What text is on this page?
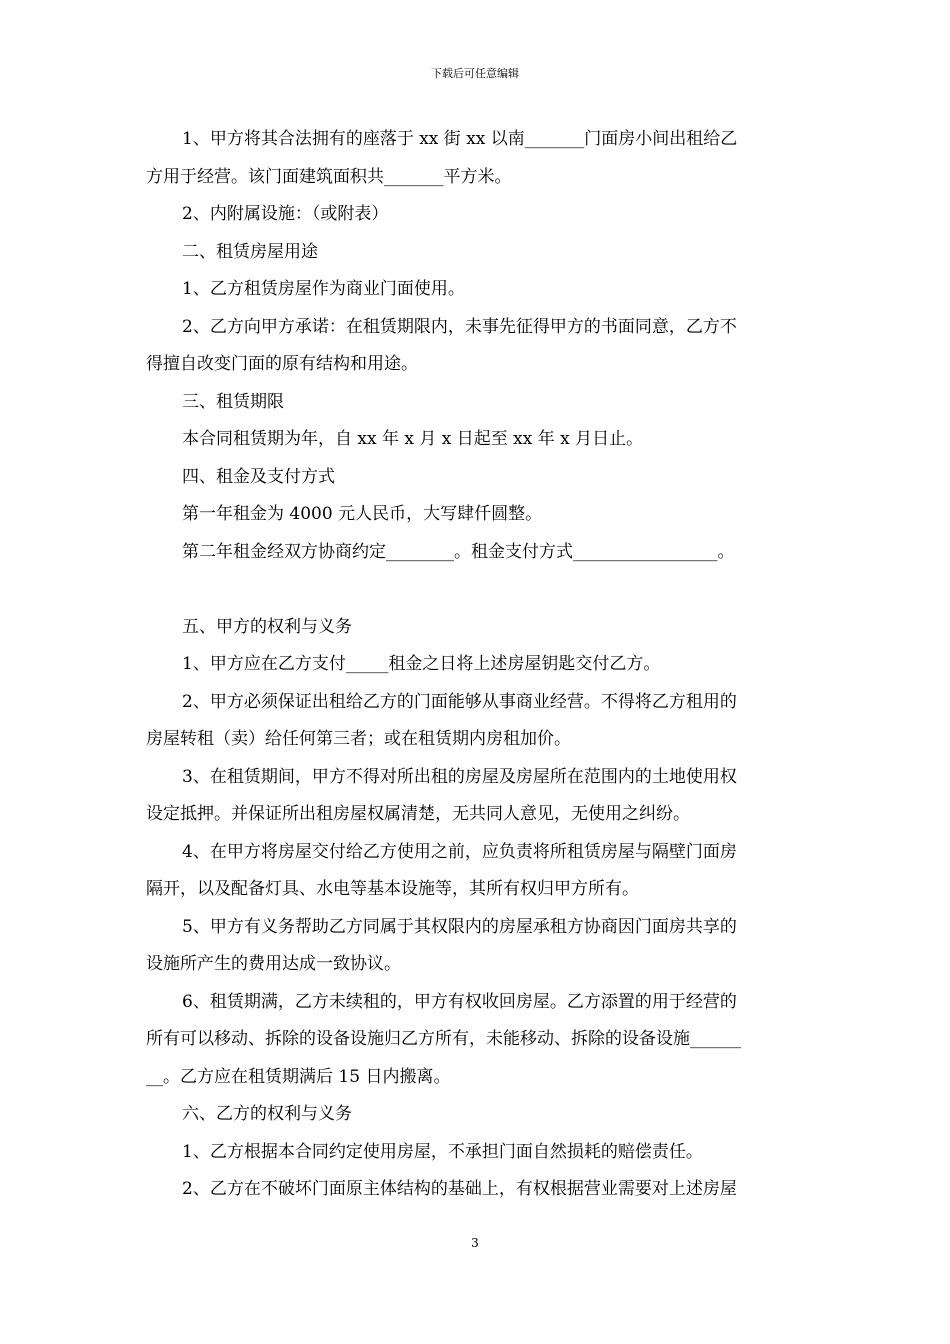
下载后可任意编辑
1、甲方将其合法拥有的座落于 xx 街 xx 以南_______门面房小间出租给乙
方用于经营。该门面建筑面积共_______平方米。
2、内附属设施：（或附表）
二、租赁房屋用途
1、乙方租赁房屋作为商业门面使用。
2、乙方向甲方承诺：在租赁期限内，未事先征得甲方的书面同意，乙方不
得擅自改变门面的原有结构和用途。
三、租赁期限
本合同租赁期为年，自 xx 年 x 月 x 日起至 xx 年 x 月日止。
四、租金及支付方式
第一年租金为 4000 元人民币，大写肆仟圆整。
第二年租金经双方协商约定________。租金支付方式_________________。
五、甲方的权利与义务
1、甲方应在乙方支付_____租金之日将上述房屋钥匙交付乙方。
2、甲方必须保证出租给乙方的门面能够从事商业经营。不得将乙方租用的
房屋转租（卖）给任何第三者；或在租赁期内房租加价。
3、在租赁期间，甲方不得对所出租的房屋及房屋所在范围内的土地使用权
设定抵押。并保证所出租房屋权属清楚，无共同人意见，无使用之纠纷。
4、在甲方将房屋交付给乙方使用之前，应负责将所租赁房屋与隔壁门面房
隔开，以及配备灯具、水电等基本设施等，其所有权归甲方所有。
5、甲方有义务帮助乙方同属于其权限内的房屋承租方协商因门面房共享的
设施所产生的费用达成一致协议。
6、租赁期满，乙方未续租的，甲方有权收回房屋。乙方添置的用于经营的
所有可以移动、拆除的设备设施归乙方所有，未能移动、拆除的设备设施______
__。乙方应在租赁期满后 15 日内搬离。
六、乙方的权利与义务
1、乙方根据本合同约定使用房屋，不承担门面自然损耗的赔偿责任。
2、乙方在不破坏门面原主体结构的基础上，有权根据营业需要对上述房屋
3
